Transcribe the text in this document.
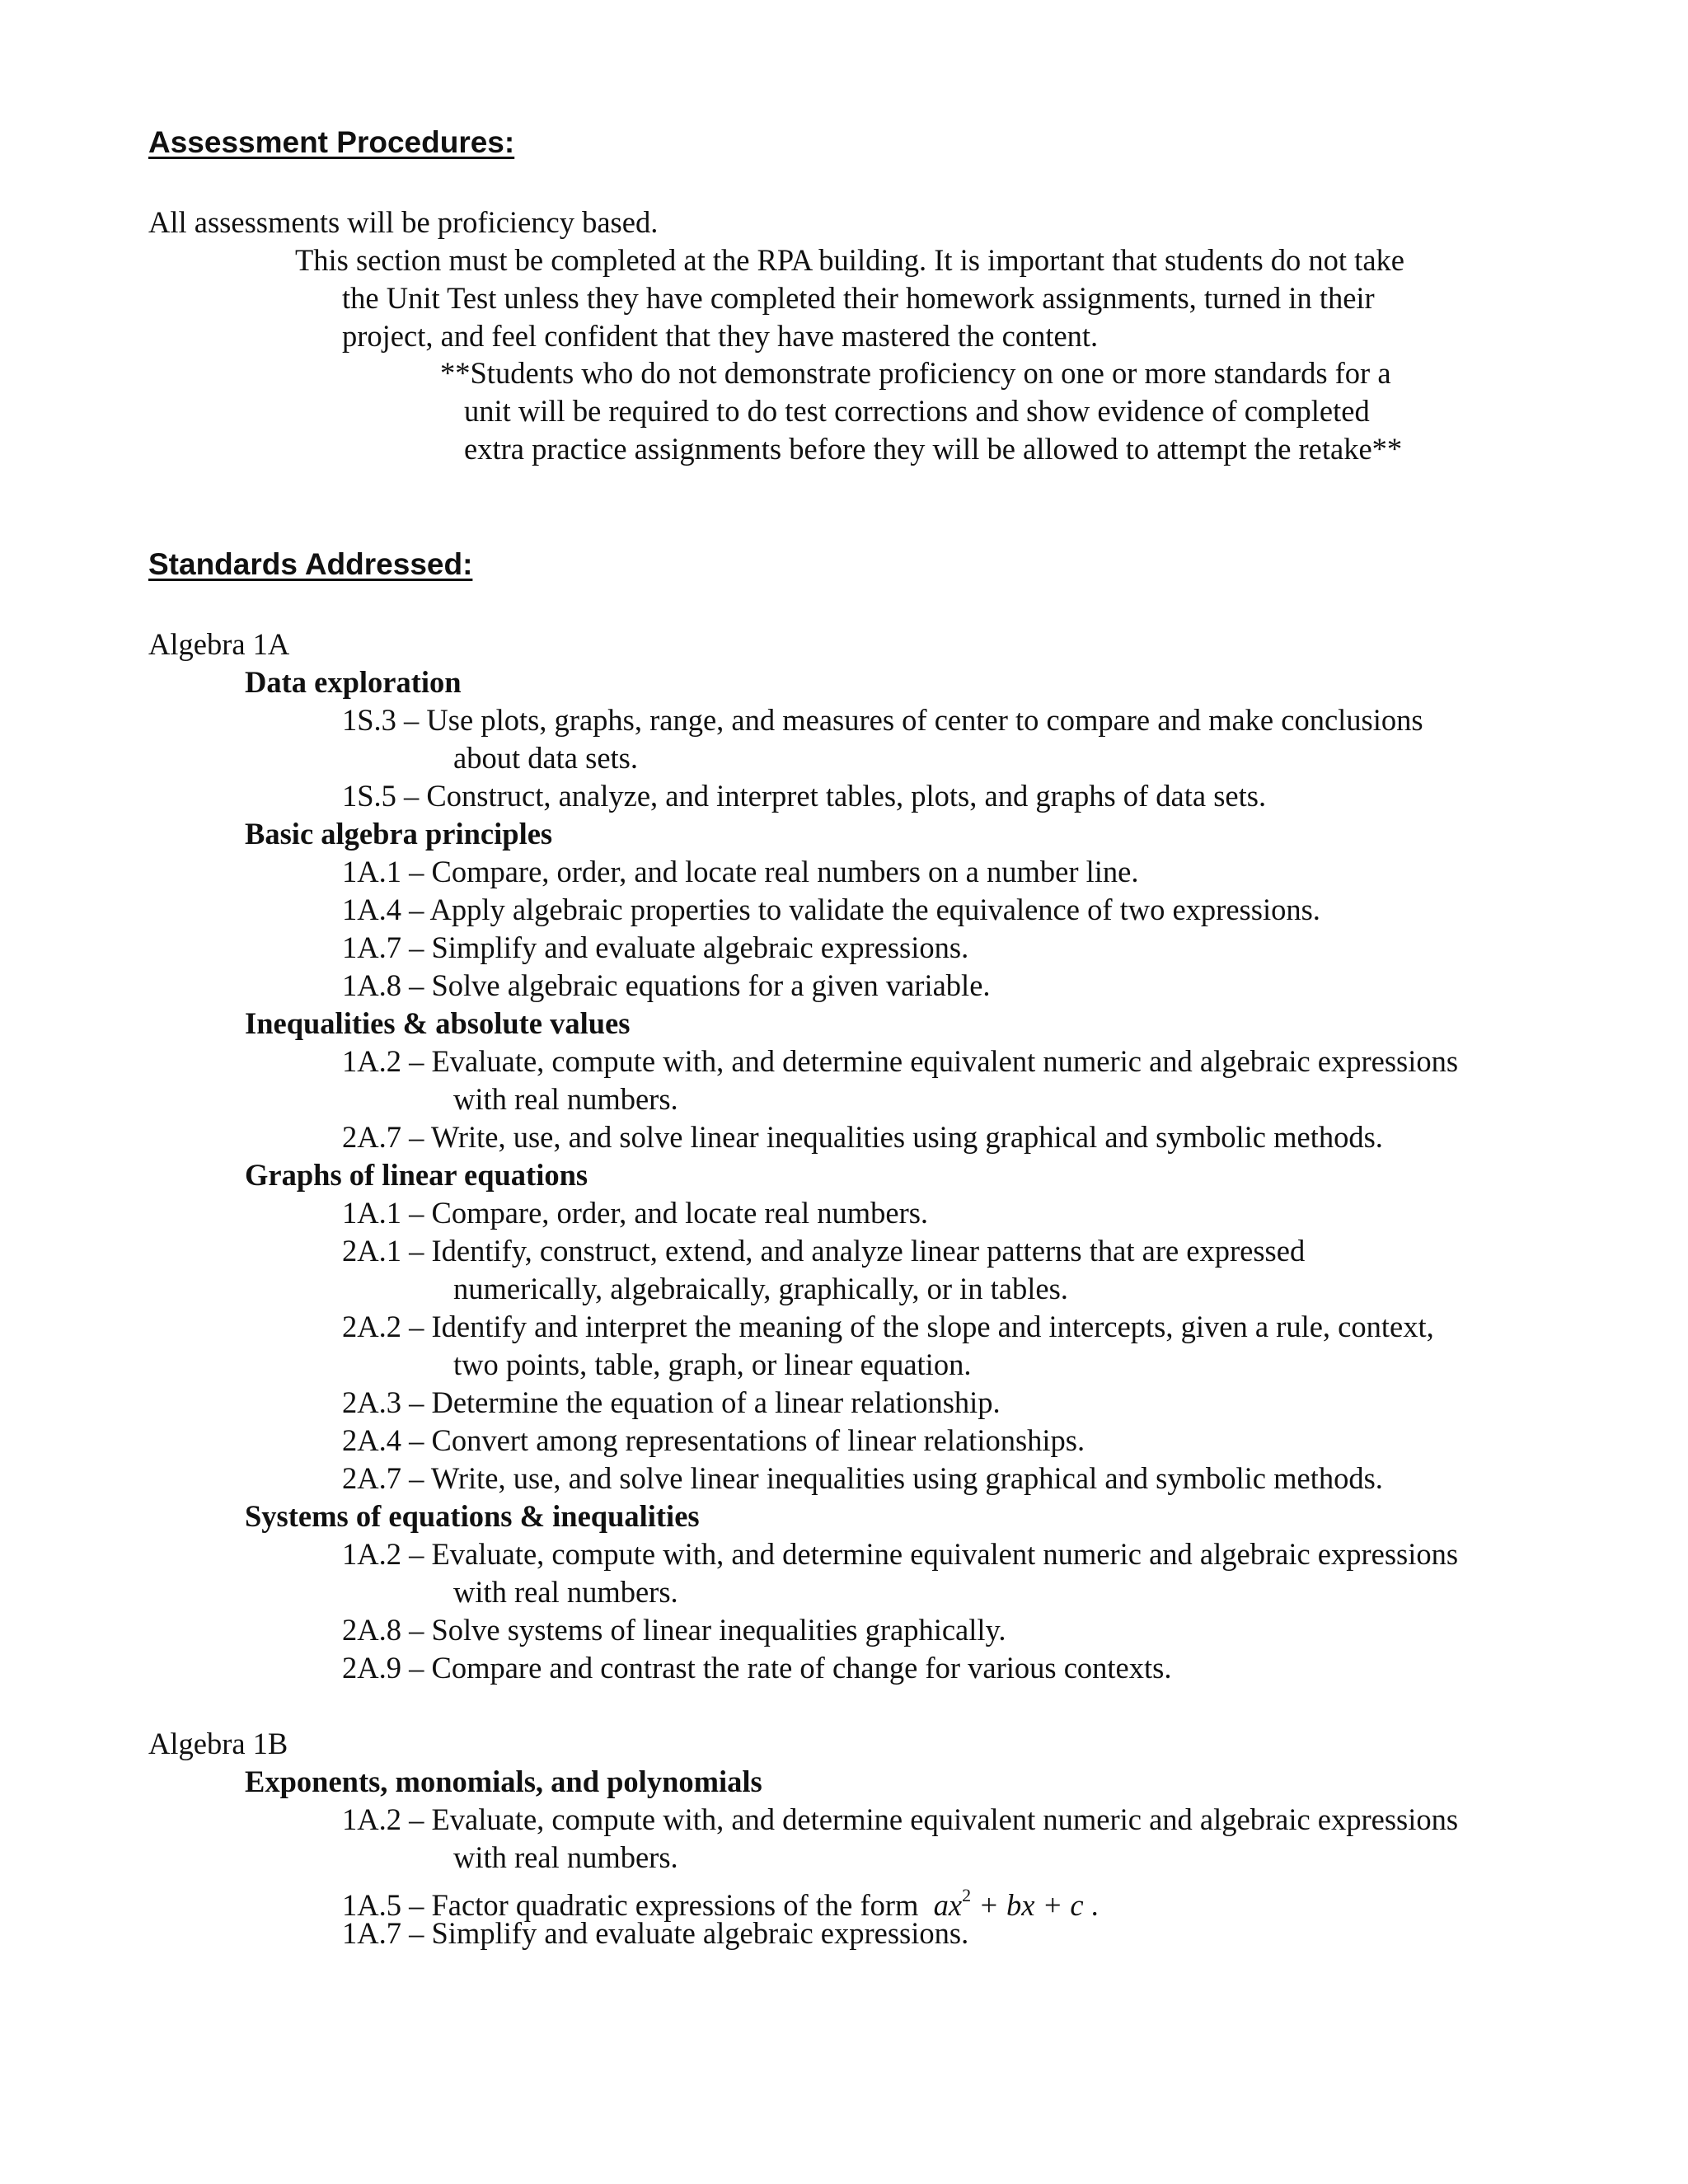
Assessment Procedures:
All assessments will be proficiency based.
This section must be completed at the RPA building. It is important that students do not take
the Unit Test unless they have completed their homework assignments, turned in their
project, and feel confident that they have mastered the content.
**Students who do not demonstrate proficiency on one or more standards for a
unit will be required to do test corrections and show evidence of completed
extra practice assignments before they will be allowed to attempt the retake**
Standards Addressed:
Algebra 1A
Data exploration
1S.3 – Use plots, graphs, range, and measures of center to compare and make conclusions
about data sets.
1S.5 – Construct, analyze, and interpret tables, plots, and graphs of data sets.
Basic algebra principles
1A.1 – Compare, order, and locate real numbers on a number line.
1A.4 – Apply algebraic properties to validate the equivalence of two expressions.
1A.7 – Simplify and evaluate algebraic expressions.
1A.8 – Solve algebraic equations for a given variable.
Inequalities & absolute values
1A.2 – Evaluate, compute with, and determine equivalent numeric and algebraic expressions
with real numbers.
2A.7 – Write, use, and solve linear inequalities using graphical and symbolic methods.
Graphs of linear equations
1A.1 – Compare, order, and locate real numbers.
2A.1 – Identify, construct, extend, and analyze linear patterns that are expressed
numerically, algebraically, graphically, or in tables.
2A.2 – Identify and interpret the meaning of the slope and intercepts, given a rule, context,
two points, table, graph, or linear equation.
2A.3 – Determine the equation of a linear relationship.
2A.4 – Convert among representations of linear relationships.
2A.7 – Write, use, and solve linear inequalities using graphical and symbolic methods.
Systems of equations & inequalities
1A.2 – Evaluate, compute with, and determine equivalent numeric and algebraic expressions
with real numbers.
2A.8 – Solve systems of linear inequalities graphically.
2A.9 – Compare and contrast the rate of change for various contexts.
Algebra 1B
Exponents, monomials, and polynomials
1A.2 – Evaluate, compute with, and determine equivalent numeric and algebraic expressions
with real numbers.
1A.5 – Factor quadratic expressions of the form $ax^2$ + bx + c .
1A.7 – Simplify and evaluate algebraic expressions.
